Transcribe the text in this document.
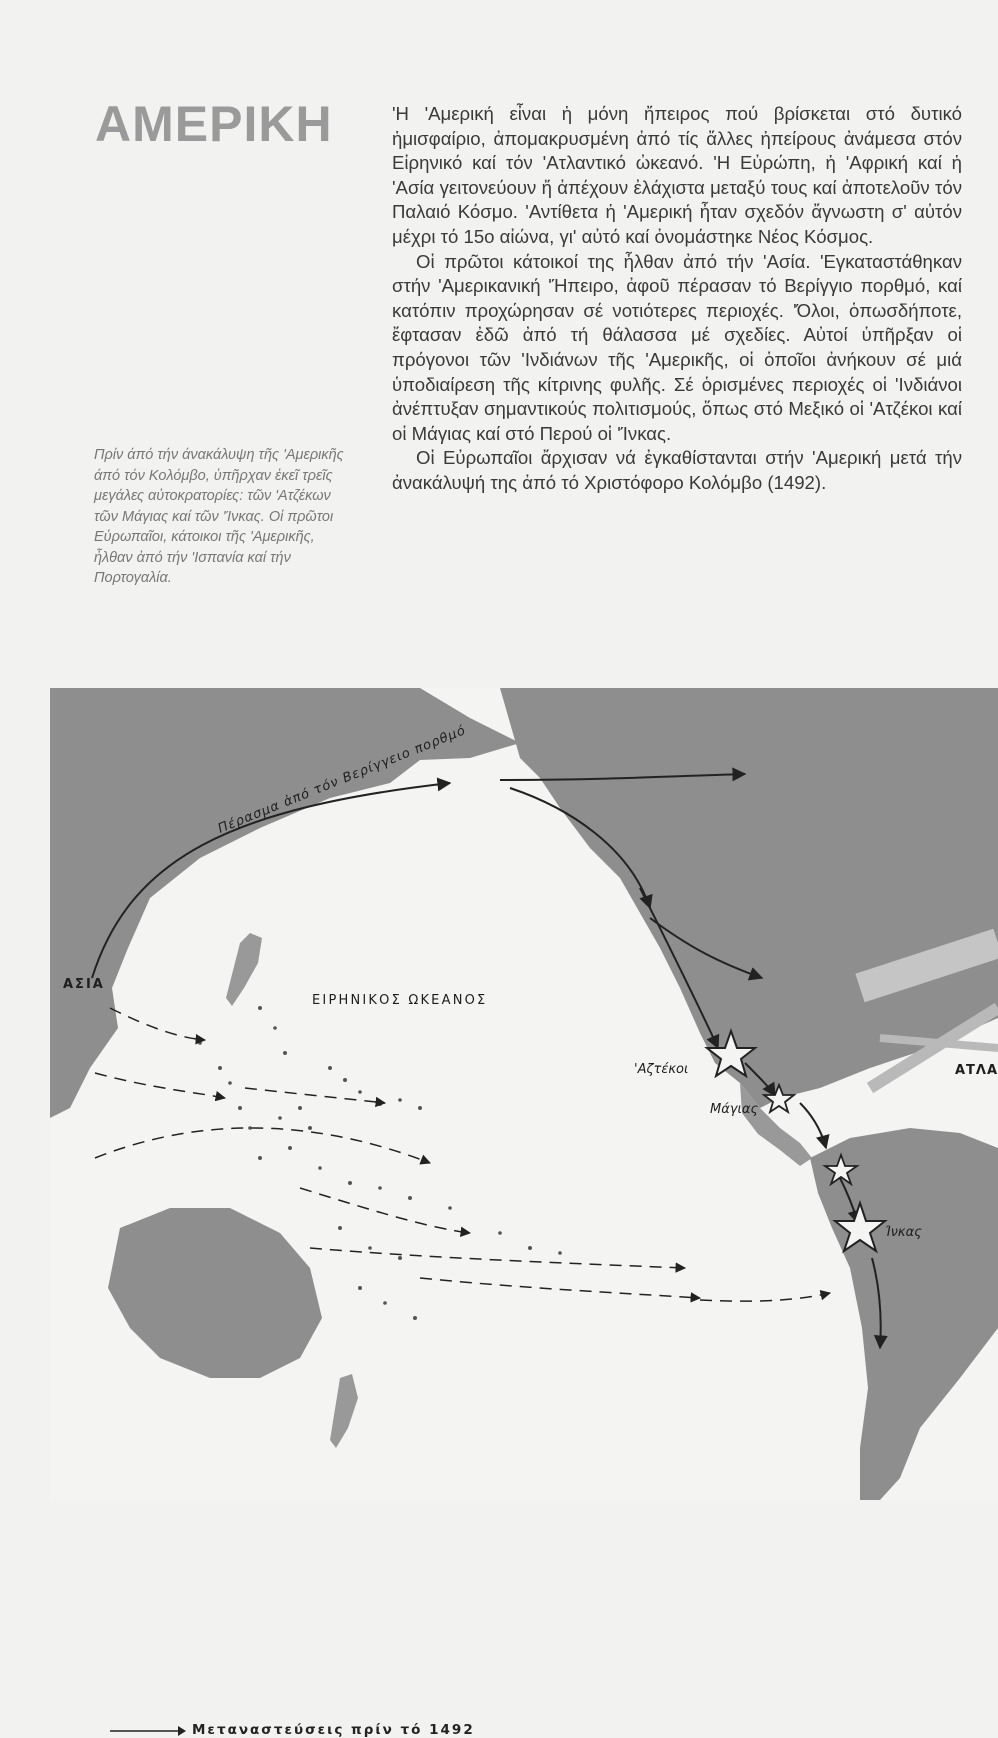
ΑΜΕΡΙΚΗ
Πρίν άπό τήν άνακάλυψη τῆς 'Αμερικῆς άπό τόν Κολόμβο, ὑπῆρχαν ἐκεῖ τρεῖς μεγάλες αὐτοκρατορίες: τῶν 'Ατζέκων τῶν Μάγιας καί τῶν 'Ίνκας. Οἱ πρῶτοι Εὐρωπαῖοι, κάτοικοι τῆς 'Αμερικῆς, ἦλθαν ἀπό τήν 'Ισπανία καί τήν Πορτογαλία.

'Η 'Αμερική εἶναι ἡ μόνη ἤπειρος πού βρίσκεται στό δυτικό ἡμισφαίριο, ἀπομακρυσμένη ἀπό τίς ἄλλες ἠπείρους ἀνάμεσα στόν Εἰρηνικό καί τόν 'Ατλαντικό ὠκεανό. 'Η Εὐρώπη, ἡ 'Αφρική καί ἡ 'Ασία γειτονεύουν ἤ ἀπέχουν ἐλάχιστα μεταξύ τους καί ἀποτελοῦν τόν Παλαιό Κόσμο. 'Αντίθετα ἡ 'Αμερική ἦταν σχεδόν ἄγνωστη σ' αὐτόν μέχρι τό 15ο αἰώνα, γι' αὐτό καί ὀνομάστηκε Νέος Κόσμος.

Οἱ πρῶτοι κάτοικοί της ἦλθαν ἀπό τήν 'Ασία. 'Εγκαταστάθηκαν στήν 'Αμερικανική 'Ήπειρο, ἀφοῦ πέρασαν τό Βερίγγιο πορθμό, καί κατόπιν προχώρησαν σέ νοτιότερες περιοχές. 'Όλοι, ὁπωσδήποτε, ἔφτασαν ἐδῶ ἀπό τή θάλασσα μέ σχεδίες. Αὐτοί ὑπῆρξαν οἱ πρόγονοι τῶν 'Ινδιάνων τῆς 'Αμερικῆς, οἱ ὁποῖοι ἀνήκουν σέ μιά ὑποδιαίρεση τῆς κίτρινης φυλῆς. Σέ ὁρισμένες περιοχές οἱ 'Ινδιάνοι ἀνέπτυξαν σημαντικούς πολιτισμούς, ὅπως στό Μεξικό οἱ 'Ατζέκοι καί οἱ Μάγιας καί στό Περού οἱ 'Ίνκας.

Οἱ Εὐρωπαῖοι ἄρχισαν νά ἐγκαθίστανται στήν 'Αμερική μετά τήν ἀνακάλυψή της ἀπό τό Χριστόφορο Κολόμβο (1492).

Πέρασμα ἀπό τόν Βερίγγειο πορθμό
ΑΣΙΑ
ΕΙΡΗΝΙΚΟΣ ΩΚΕΑΝΟΣ
ΑΤΛΑ
'Αζτέκοι
Μάγιας
Ίνκας
Μεταναστεύσεις πρίν τό 1492
